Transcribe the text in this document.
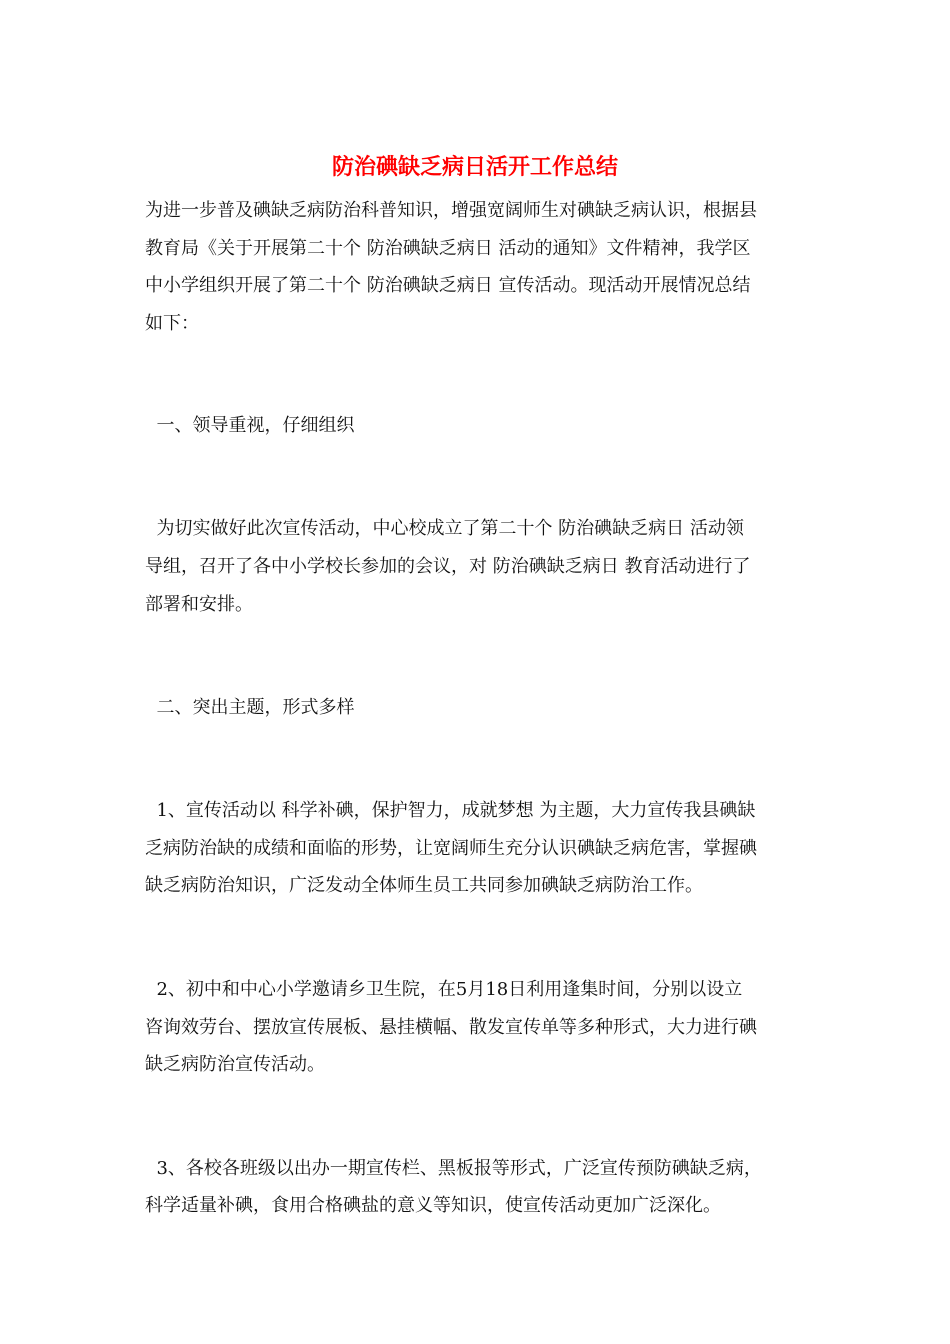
防治碘缺乏病日活开工作总结
为进一步普及碘缺乏病防治科普知识，增强宽阔师生对碘缺乏病认识，根据县
教育局《关于开展第二十个 防治碘缺乏病日 活动的通知》文件精神，我学区
中小学组织开展了第二十个 防治碘缺乏病日 宣传活动。现活动开展情况总结
如下：
一、领导重视，仔细组织
为切实做好此次宣传活动，中心校成立了第二十个 防治碘缺乏病日 活动领
导组，召开了各中小学校长参加的会议，对 防治碘缺乏病日 教育活动进行了
部署和安排。
二、突出主题，形式多样
1、宣传活动以 科学补碘，保护智力，成就梦想 为主题，大力宣传我县碘缺
乏病防治缺的成绩和面临的形势，让宽阔师生充分认识碘缺乏病危害，掌握碘
缺乏病防治知识，广泛发动全体师生员工共同参加碘缺乏病防治工作。
2、初中和中心小学邀请乡卫生院，在5月18日利用逢集时间，分别以设立
咨询效劳台、摆放宣传展板、悬挂横幅、散发宣传单等多种形式，大力进行碘
缺乏病防治宣传活动。
3、各校各班级以出办一期宣传栏、黑板报等形式，广泛宣传预防碘缺乏病，
科学适量补碘，食用合格碘盐的意义等知识，使宣传活动更加广泛深化。
